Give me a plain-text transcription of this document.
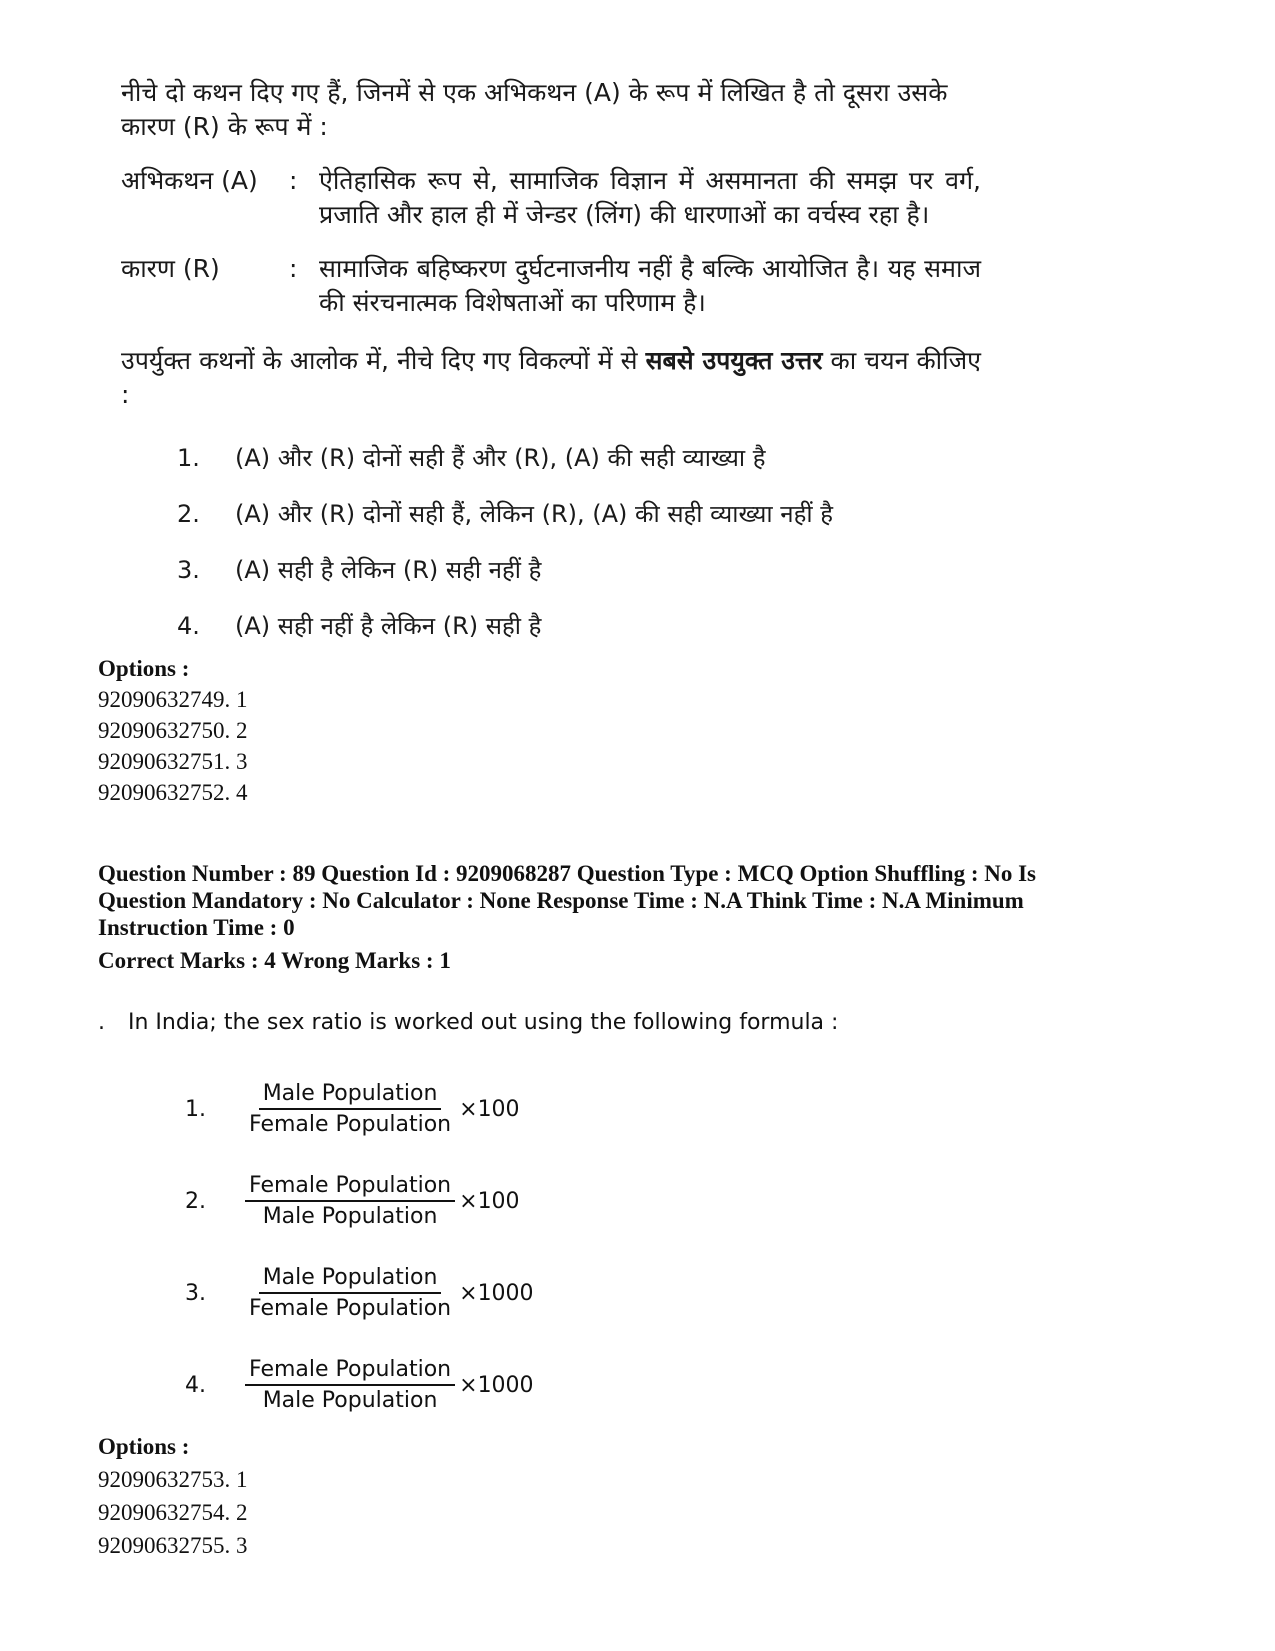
नीचे दो कथन दिए गए हैं, जिनमें से एक अभिकथन (A) के रूप में लिखित है तो दूसरा उसके कारण (R) के रूप में :

अभिकथन (A)	: ऐतिहासिक रूप से, सामाजिक विज्ञान में असमानता की समझ पर वर्ग, प्रजाति और हाल ही में जेन्डर (लिंग) की धारणाओं का वर्चस्व रहा है।
कारण (R)	: सामाजिक बहिष्करण दुर्घटनाजनीय नहीं है बल्कि आयोजित है। यह समाज की संरचनात्मक विशेषताओं का परिणाम है।

उपर्युक्त कथनों के आलोक में, नीचे दिए गए विकल्पों में से सबसे उपयुक्त उत्तर का चयन कीजिए :

1.	(A) और (R) दोनों सही हैं और (R), (A) की सही व्याख्या है
2.	(A) और (R) दोनों सही हैं, लेकिन (R), (A) की सही व्याख्या नहीं है
3.	(A) सही है लेकिन (R) सही नहीं है
4.	(A) सही नहीं है लेकिन (R) सही है
Options :
92090632749. 1
92090632750. 2
92090632751. 3
92090632752. 4
Question Number : 89 Question Id : 9209068287 Question Type : MCQ Option Shuffling : No Is
Question Mandatory : No Calculator : None Response Time : N.A Think Time : N.A Minimum
Instruction Time : 0
Correct Marks : 4 Wrong Marks : 1
. In India; the sex ratio is worked out using the following formula :
1.	$\frac{\text{Male Population}}{\text{Female Population}} \times 100$
2.	$\frac{\text{Female Population}}{\text{Male Population}} \times 100$
3.	$\frac{\text{Male Population}}{\text{Female Population}} \times 1000$
4.	$\frac{\text{Female Population}}{\text{Male Population}} \times 1000$
Options :
92090632753. 1
92090632754. 2
92090632755. 3
